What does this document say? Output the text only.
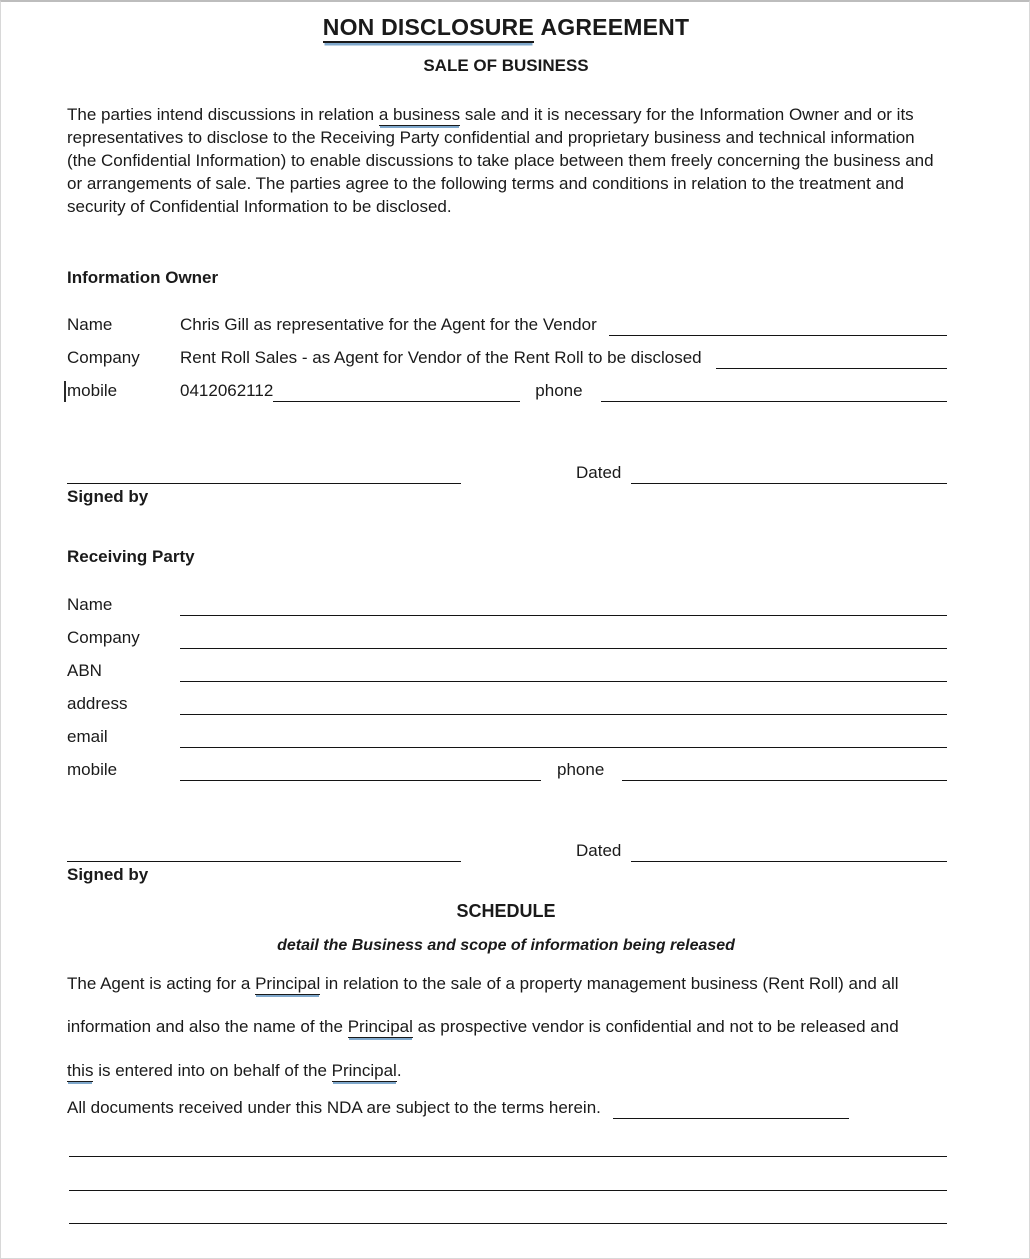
NON DISCLOSURE AGREEMENT
SALE OF BUSINESS
The parties intend discussions in relation a business sale and it is necessary for the Information Owner and or its representatives to disclose to the Receiving Party confidential and proprietary business and technical information (the Confidential Information) to enable discussions to take place between them freely concerning the business and or arrangements of sale. The parties agree to the following terms and conditions in relation to the treatment and security of Confidential Information to be disclosed.
Information Owner
Name	Chris Gill as representative for the Agent for the Vendor
​
Company	Rent Roll Sales - as Agent for Vendor of the Rent Roll to be disclosed
​
mobile	0412062112 ​	phone
​
​
Dated
​
Signed by
Receiving Party
Name
​
Company
​
ABN
​
address
​
email
​
mobile ​	phone
​
​
Dated
​
Signed by
SCHEDULE
detail the Business and scope of information being released
The Agent is acting for a Principal in relation to the sale of a property management business (Rent Roll) and all
information and also the name of the Principal as prospective vendor is confidential and not to be released and
this is entered into on behalf of the Principal.
All documents received under this NDA are subject to the terms herein.
​
